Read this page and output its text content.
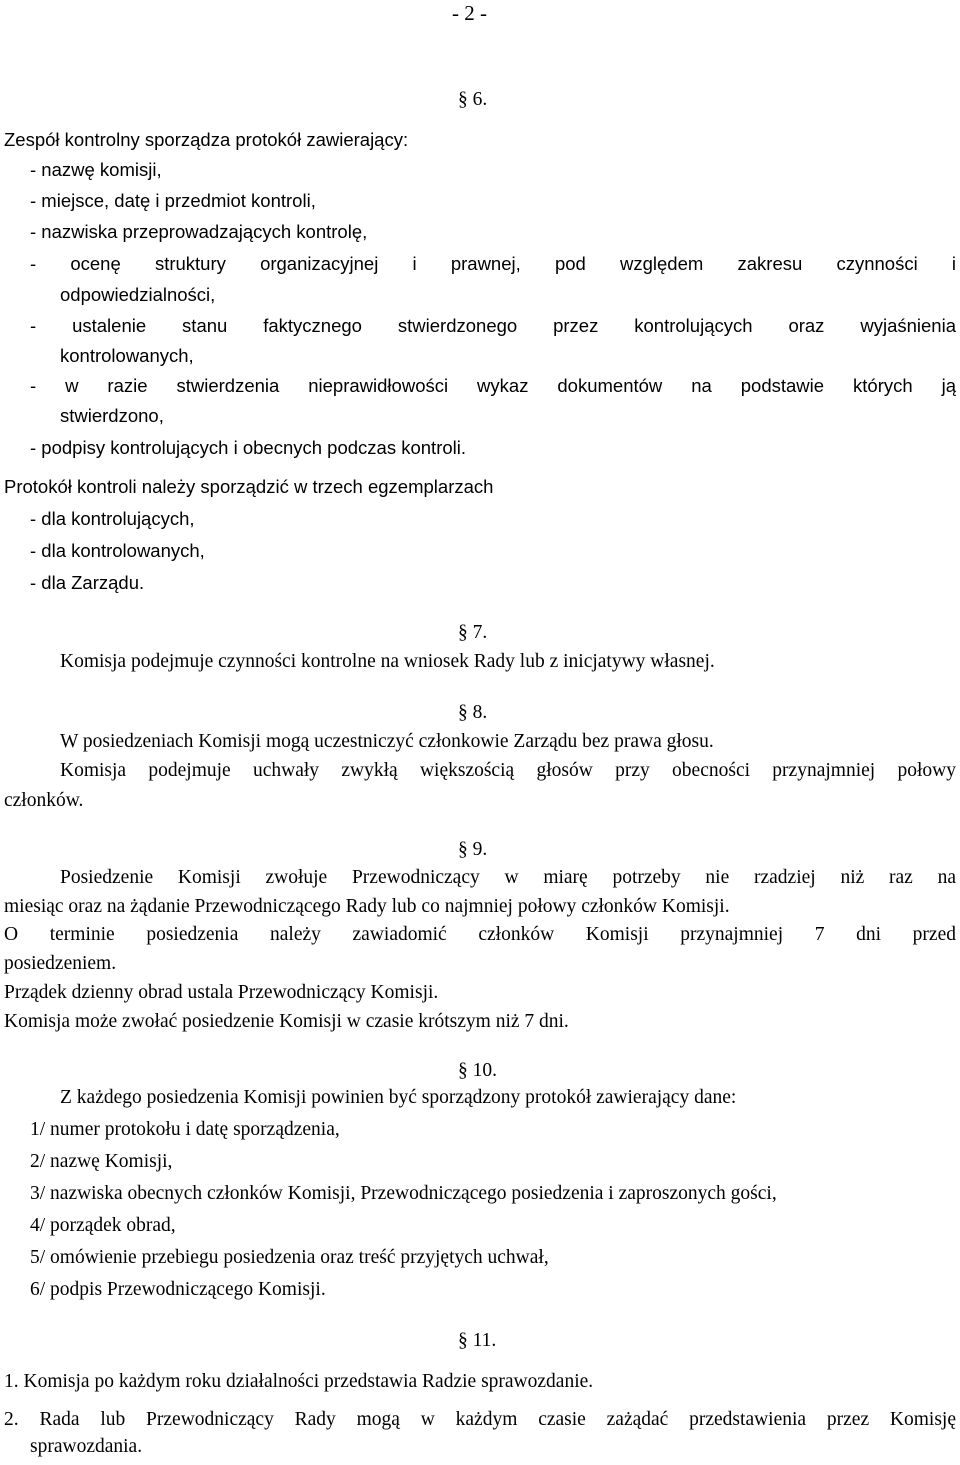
- 2 -
§ 6.
Zespół kontrolny sporządza protokół zawierający:
- nazwę komisji,
- miejsce, datę i przedmiot kontroli,
- nazwiska przeprowadzających kontrolę,
- ocenę struktury organizacyjnej i prawnej, pod względem zakresu czynności i
odpowiedzialności,
- ustalenie stanu faktycznego stwierdzonego przez kontrolujących oraz wyjaśnienia
kontrolowanych,
- w razie stwierdzenia nieprawidłowości wykaz dokumentów na podstawie których ją
stwierdzono,
- podpisy kontrolujących i obecnych podczas kontroli.
Protokół kontroli należy sporządzić w trzech egzemplarzach
- dla kontrolujących,
- dla kontrolowanych,
- dla Zarządu.
§ 7.
Komisja podejmuje czynności kontrolne na wniosek Rady lub z inicjatywy własnej.
§ 8.
W posiedzeniach Komisji mogą uczestniczyć członkowie Zarządu bez prawa głosu.
Komisja podejmuje uchwały zwykłą większością głosów przy obecności przynajmniej połowy
członków.
§ 9.
Posiedzenie Komisji zwołuje Przewodniczący w miarę potrzeby nie rzadziej niż raz na
miesiąc oraz na żądanie Przewodniczącego Rady lub co najmniej połowy członków Komisji.
O terminie posiedzenia należy zawiadomić członków Komisji przynajmniej 7 dni przed
posiedzeniem.
Prządek dzienny obrad ustala Przewodniczący Komisji.
Komisja może zwołać posiedzenie Komisji w czasie krótszym niż 7 dni.
§ 10.
Z każdego posiedzenia Komisji powinien być sporządzony protokół zawierający dane:
1/ numer protokołu i datę sporządzenia,
2/ nazwę Komisji,
3/ nazwiska obecnych członków Komisji, Przewodniczącego posiedzenia i zaproszonych gości,
4/ porządek obrad,
5/ omówienie przebiegu posiedzenia oraz treść przyjętych uchwał,
6/ podpis Przewodniczącego Komisji.
§ 11.
1. Komisja po każdym roku działalności przedstawia Radzie sprawozdanie.
2. Rada lub Przewodniczący Rady mogą w każdym czasie zażądać przedstawienia przez Komisję
sprawozdania.
